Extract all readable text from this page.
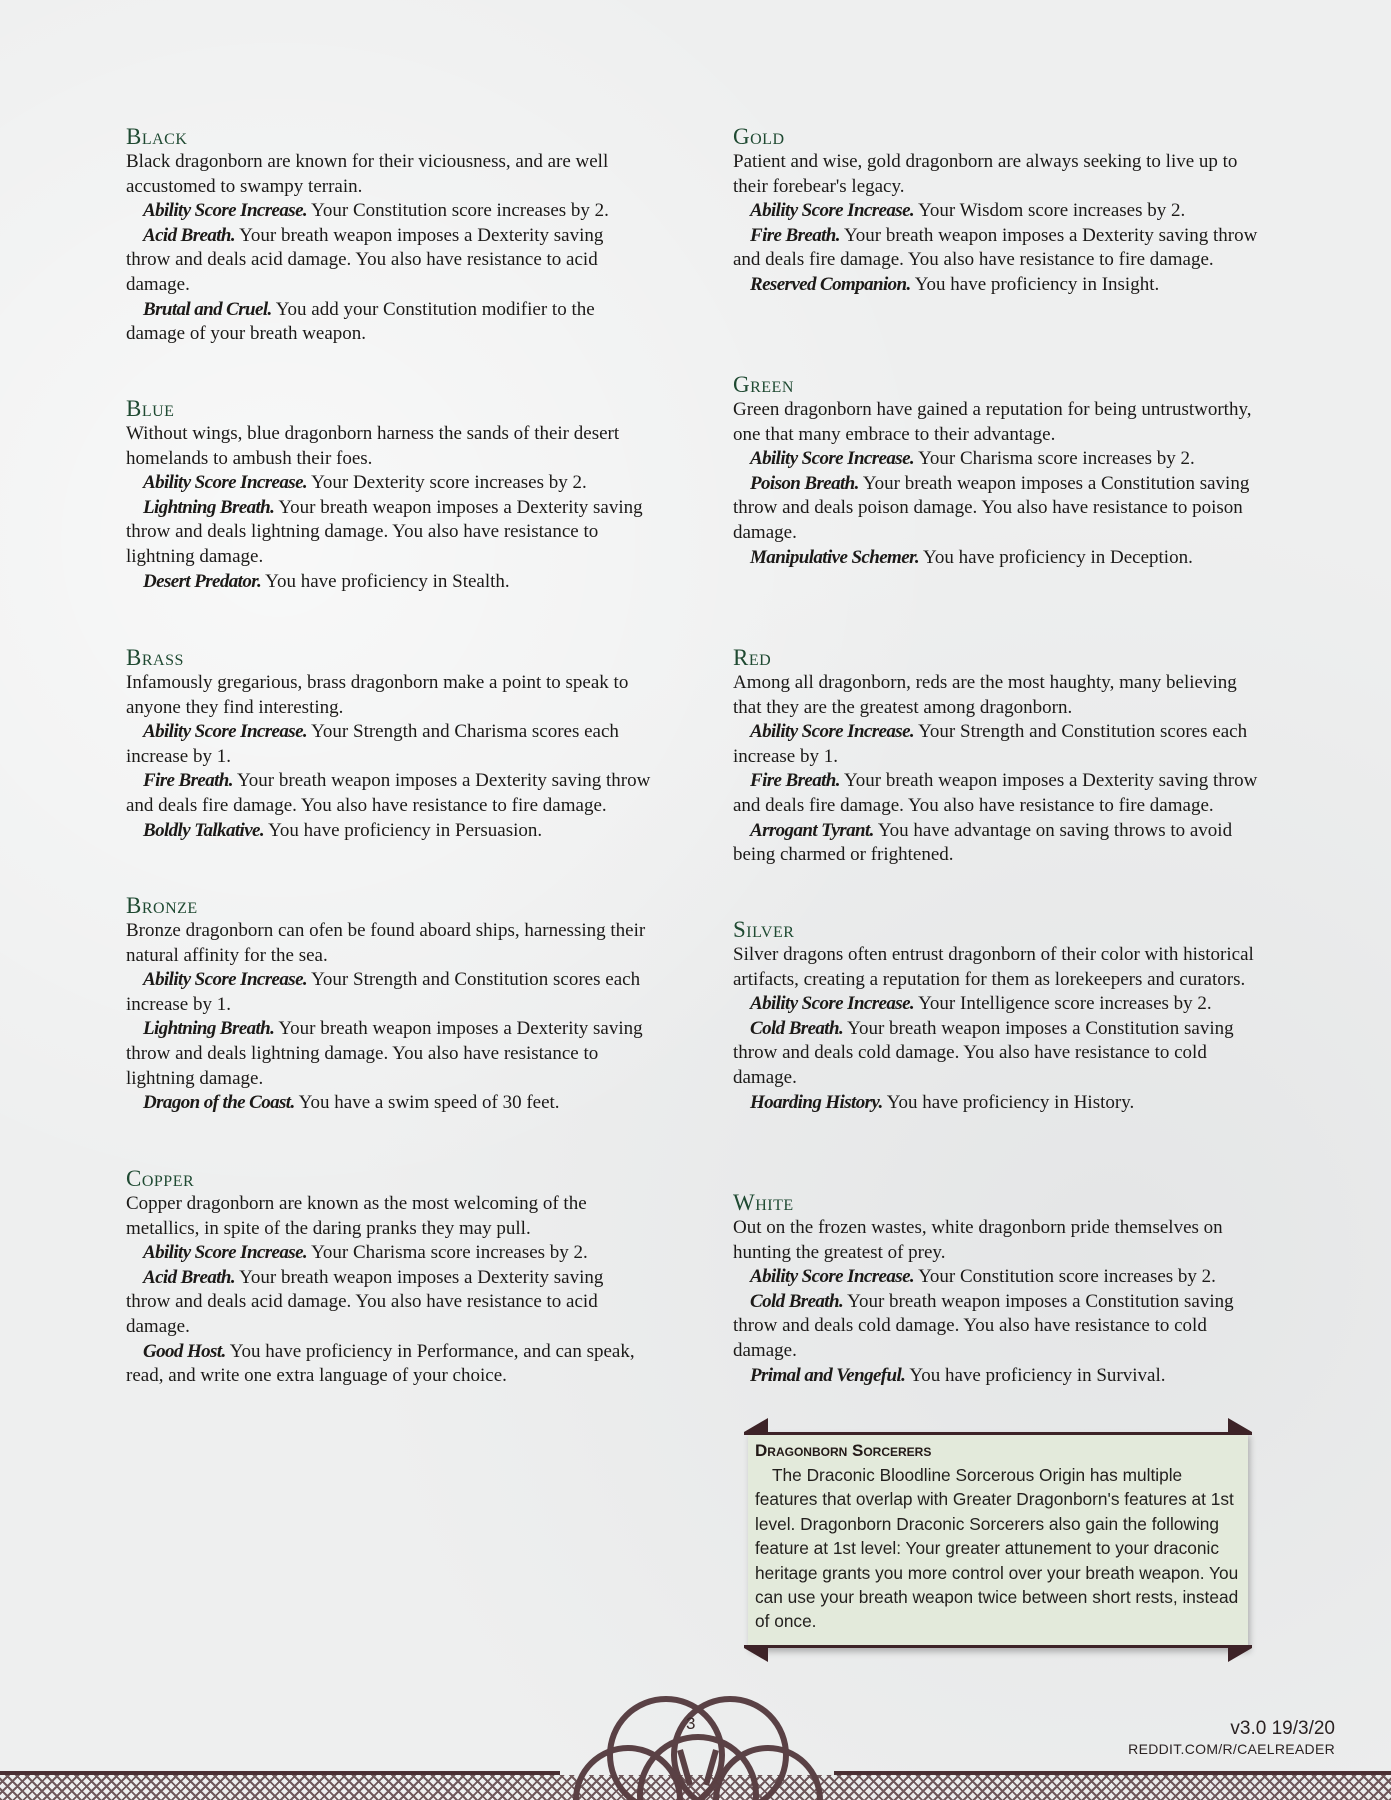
Black

Black dragonborn are known for their viciousness, and are well accustomed to swampy terrain.

Ability Score Increase. Your Constitution score increases by 2.

Acid Breath. Your breath weapon imposes a Dexterity saving throw and deals acid damage. You also have resistance to acid damage.

Brutal and Cruel. You add your Constitution modifier to the damage of your breath weapon.

Blue

Without wings, blue dragonborn harness the sands of their desert homelands to ambush their foes.

Ability Score Increase. Your Dexterity score increases by 2.

Lightning Breath. Your breath weapon imposes a Dexterity saving throw and deals lightning damage. You also have resistance to lightning damage.

Desert Predator. You have proficiency in Stealth.

Brass

Infamously gregarious, brass dragonborn make a point to speak to anyone they find interesting.

Ability Score Increase. Your Strength and Charisma scores each increase by 1.

Fire Breath. Your breath weapon imposes a Dexterity saving throw and deals fire damage. You also have resistance to fire damage.

Boldly Talkative. You have proficiency in Persuasion.

Bronze

Bronze dragonborn can ofen be found aboard ships, harnessing their natural affinity for the sea.

Ability Score Increase. Your Strength and Constitution scores each increase by 1.

Lightning Breath. Your breath weapon imposes a Dexterity saving throw and deals lightning damage. You also have resistance to lightning damage.

Dragon of the Coast. You have a swim speed of 30 feet.

Copper

Copper dragonborn are known as the most welcoming of the metallics, in spite of the daring pranks they may pull.

Ability Score Increase. Your Charisma score increases by 2.

Acid Breath. Your breath weapon imposes a Dexterity saving throw and deals acid damage. You also have resistance to acid damage.

Good Host. You have proficiency in Performance, and can speak, read, and write one extra language of your choice.

Gold

Patient and wise, gold dragonborn are always seeking to live up to their forebear's legacy.

Ability Score Increase. Your Wisdom score increases by 2.

Fire Breath. Your breath weapon imposes a Dexterity saving throw and deals fire damage. You also have resistance to fire damage.

Reserved Companion. You have proficiency in Insight.

Green

Green dragonborn have gained a reputation for being untrustworthy, one that many embrace to their advantage.

Ability Score Increase. Your Charisma score increases by 2.

Poison Breath. Your breath weapon imposes a Constitution saving throw and deals poison damage. You also have resistance to poison damage.

Manipulative Schemer. You have proficiency in Deception.

Red

Among all dragonborn, reds are the most haughty, many believing that they are the greatest among dragonborn.

Ability Score Increase. Your Strength and Constitution scores each increase by 1.

Fire Breath. Your breath weapon imposes a Dexterity saving throw and deals fire damage. You also have resistance to fire damage.

Arrogant Tyrant. You have advantage on saving throws to avoid being charmed or frightened.

Silver

Silver dragons often entrust dragonborn of their color with historical artifacts, creating a reputation for them as lorekeepers and curators.

Ability Score Increase. Your Intelligence score increases by 2.

Cold Breath. Your breath weapon imposes a Constitution saving throw and deals cold damage. You also have resistance to cold damage.

Hoarding History. You have proficiency in History.

White

Out on the frozen wastes, white dragonborn pride themselves on hunting the greatest of prey.

Ability Score Increase. Your Constitution score increases by 2.

Cold Breath. Your breath weapon imposes a Constitution saving throw and deals cold damage. You also have resistance to cold damage.

Primal and Vengeful. You have proficiency in Survival.

Dragonborn Sorcerers

The Draconic Bloodline Sorcerous Origin has multiple features that overlap with Greater Dragonborn's features at 1st level. Dragonborn Draconic Sorcerers also gain the following feature at 1st level: Your greater attunement to your draconic heritage grants you more control over your breath weapon. You can use your breath weapon twice between short rests, instead of once.

3	v3.0 19/3/20
REDDIT.COM/R/CAELREADER
